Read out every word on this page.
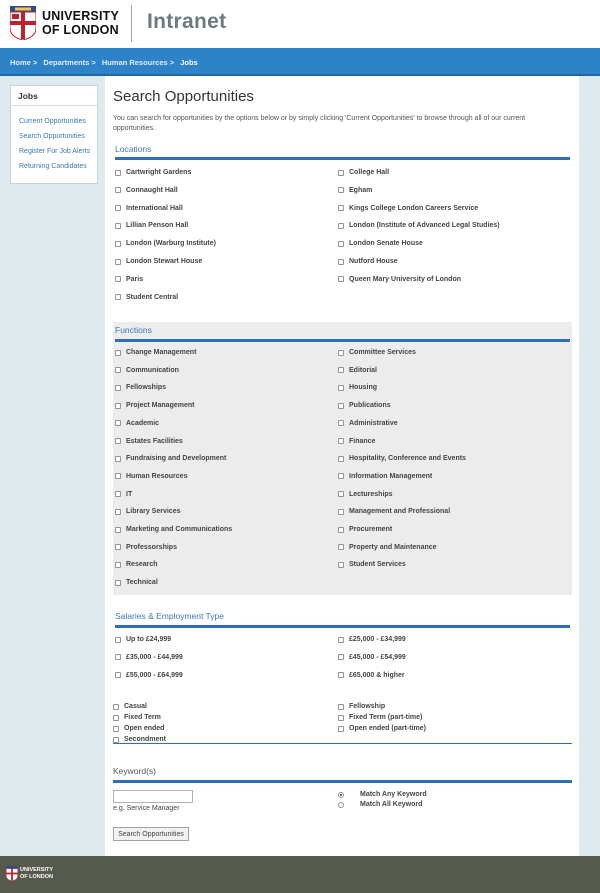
UNIVERSITY
OF LONDON Intranet
Home > Departments > Human Resources > Jobs
Jobs
Current Opportunities
Search Opportunities
Register For Job Alerts
Returning Candidates
Search Opportunities
You can search for opportunities by the options below or by simply clicking 'Current Opportunities' to browse through all of our current opportunities.
Locations
Cartwright Gardens
Connaught Hall
International Hall
Lillian Penson Hall
London (Warburg Institute)
London Stewart House
Paris
Student Central
College Hall
Egham
Kings College London Careers Service
London (Institute of Advanced Legal Studies)
London Senate House
Nutford House
Queen Mary University of London
Functions
Change Management
Communication
Fellowships
Project Management
Academic
Estates Facilities
Fundraising and Development
Human Resources
IT
Library Services
Marketing and Communications
Professorships
Research
Technical
Committee Services
Editorial
Housing
Publications
Administrative
Finance
Hospitality, Conference and Events
Information Management
Lectureships
Management and Professional
Procurement
Property and Maintenance
Student Services
Salaries & Employment Type
Up to £24,999
£35,000 - £44,999
£55,000 - £64,999
£25,000 - £34,999
£45,000 - £54,999
£65,000 & higher
Casual
Fixed Term
Open ended
Secondment
Fellowship
Fixed Term (part-time)
Open ended (part-time)
Keyword(s)
e.g. Service Manager
Match Any Keyword
Match All Keyword
Search Opportunities
UNIVERSITY
OF LONDON
